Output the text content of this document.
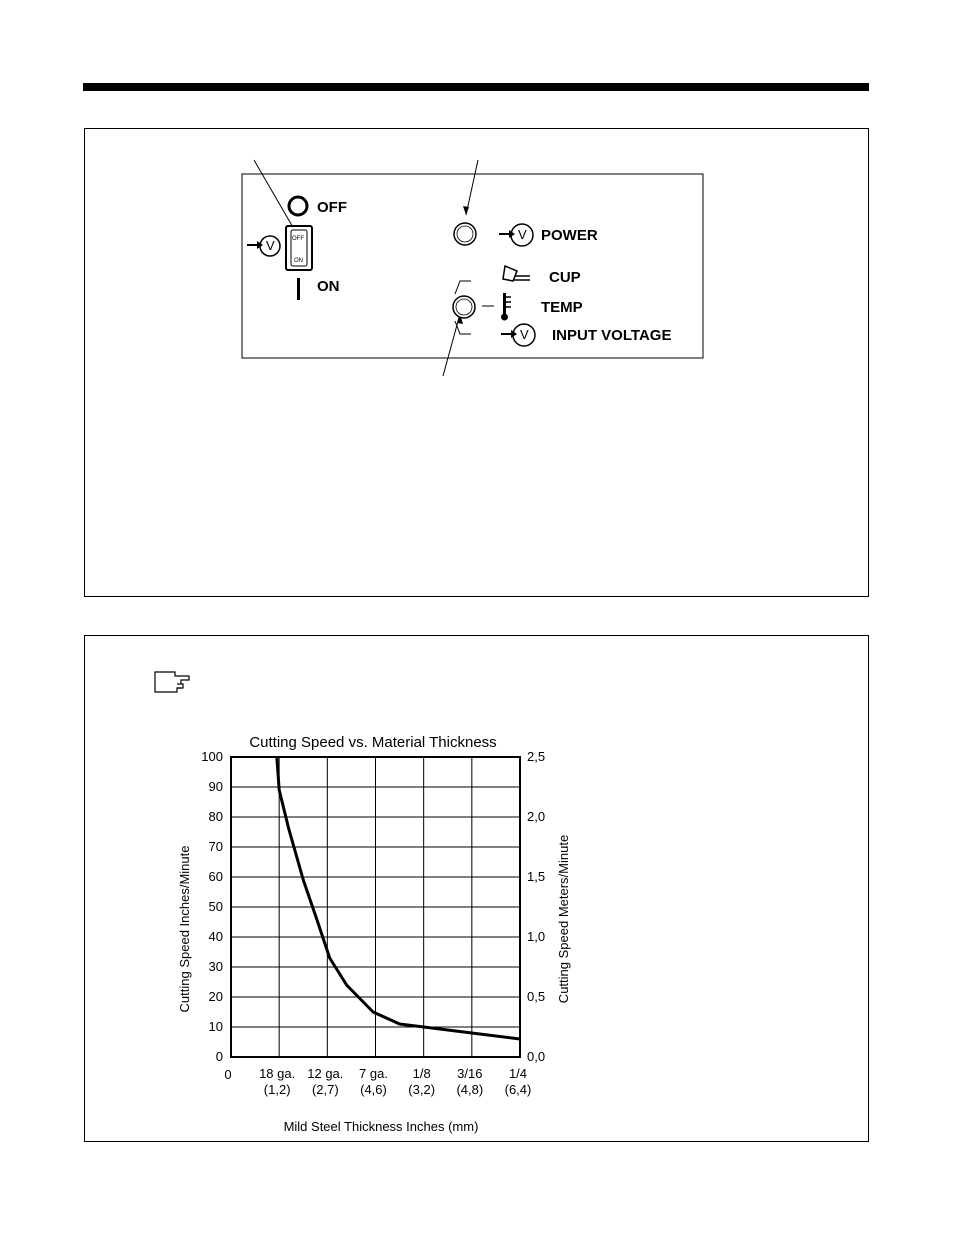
OFF
V	OFF
ON
ON
V POWER
CUP
TEMP
V INPUT VOLTAGE
Cutting Speed vs. Material Thickness
Mild Steel Thickness Inches (mm)
Cutting Speed Inches/Minute	Cutting Speed Meters/Minute
0
10
20
30
40
50
60
70
80
90
100
0,0
0,5
1,0
1,5
2,0
2,5
0 18 ga.
(1,2)
12 ga.
(2,7)
7 ga.
(4,6)
1/8
(3,2)
3/16
(4,8)
1/4
(6,4)
